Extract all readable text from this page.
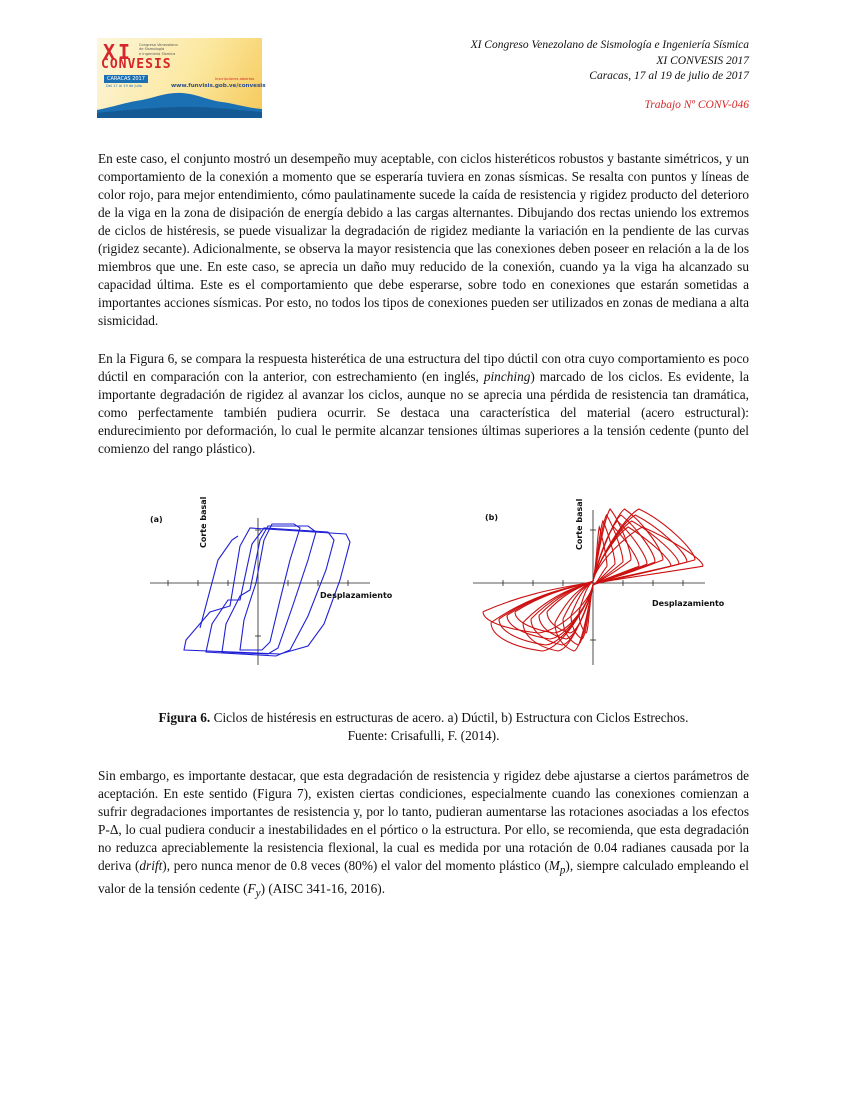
XI Congreso Venezolano
de Sismología
e Ingeniería Sísmica
CONVESIS
CARACAS 2017
Del 17 al 19 de julio
Inscripciones abiertas
www.funvisis.gob.ve/convesis
XI Congreso Venezolano de Sismología e Ingeniería Sísmica
XI CONVESIS 2017
Caracas, 17 al 19 de julio de 2017
Trabajo Nº CONV-046

En este caso, el conjunto mostró un desempeño muy aceptable, con ciclos histeréticos robustos y bastante simétricos, y un comportamiento de la conexión a momento que se esperaría tuviera en zonas sísmicas. Se resalta con puntos y líneas de color rojo, para mejor entendimiento, cómo paulatinamente sucede la caída de resistencia y rigidez producto del deterioro de la viga en la zona de disipación de energía debido a las cargas alternantes. Dibujando dos rectas uniendo los extremos de ciclos de histéresis, se puede visualizar la degradación de rigidez mediante la variación en la pendiente de las curvas (rigidez secante). Adicionalmente, se observa la mayor resistencia que las conexiones deben poseer en relación a la de los miembros que une. En este caso, se aprecia un daño muy reducido de la conexión, cuando ya la viga ha alcanzado su capacidad última. Este es el comportamiento que debe esperarse, sobre todo en conexiones que estarán sometidas a importantes acciones sísmicas. Por esto, no todos los tipos de conexiones pueden ser utilizados en zonas de mediana a alta sismicidad.

En la Figura 6, se compara la respuesta histerética de una estructura del tipo dúctil con otra cuyo comportamiento es poco dúctil en comparación con la anterior, con estrechamiento (en inglés, pinching) marcado de los ciclos. Es evidente, la importante degradación de rigidez al avanzar los ciclos, aunque no se aprecia una pérdida de resistencia tan dramática, como perfectamente también pudiera ocurrir. Se destaca una característica del material (acero estructural): endurecimiento por deformación, lo cual le permite alcanzar tensiones últimas superiores a la tensión cedente (punto del comienzo del rango plástico).

(a)	Corte basal
Desplazamiento
(b)	Corte basal
Desplazamiento
Figura 6. Ciclos de histéresis en estructuras de acero. a) Dúctil, b) Estructura con Ciclos Estrechos.
Fuente: Crisafulli, F. (2014).

Sin embargo, es importante destacar, que esta degradación de resistencia y rigidez debe ajustarse a ciertos parámetros de aceptación. En este sentido (Figura 7), existen ciertas condiciones, especialmente cuando las conexiones comienzan a sufrir degradaciones importantes de resistencia y, por lo tanto, pudieran aumentarse las rotaciones asociadas a los efectos P-Δ, lo cual pudiera conducir a inestabilidades en el pórtico o la estructura. Por ello, se recomienda, que esta degradación no reduzca apreciablemente la resistencia flexional, la cual es medida por una rotación de 0.04 radianes causada por la deriva (drift), pero nunca menor de 0.8 veces (80%) el valor del momento plástico $(M_p)$, siempre calculado empleando el valor de la tensión cedente $(F_y)$ (AISC 341-16, 2016).
